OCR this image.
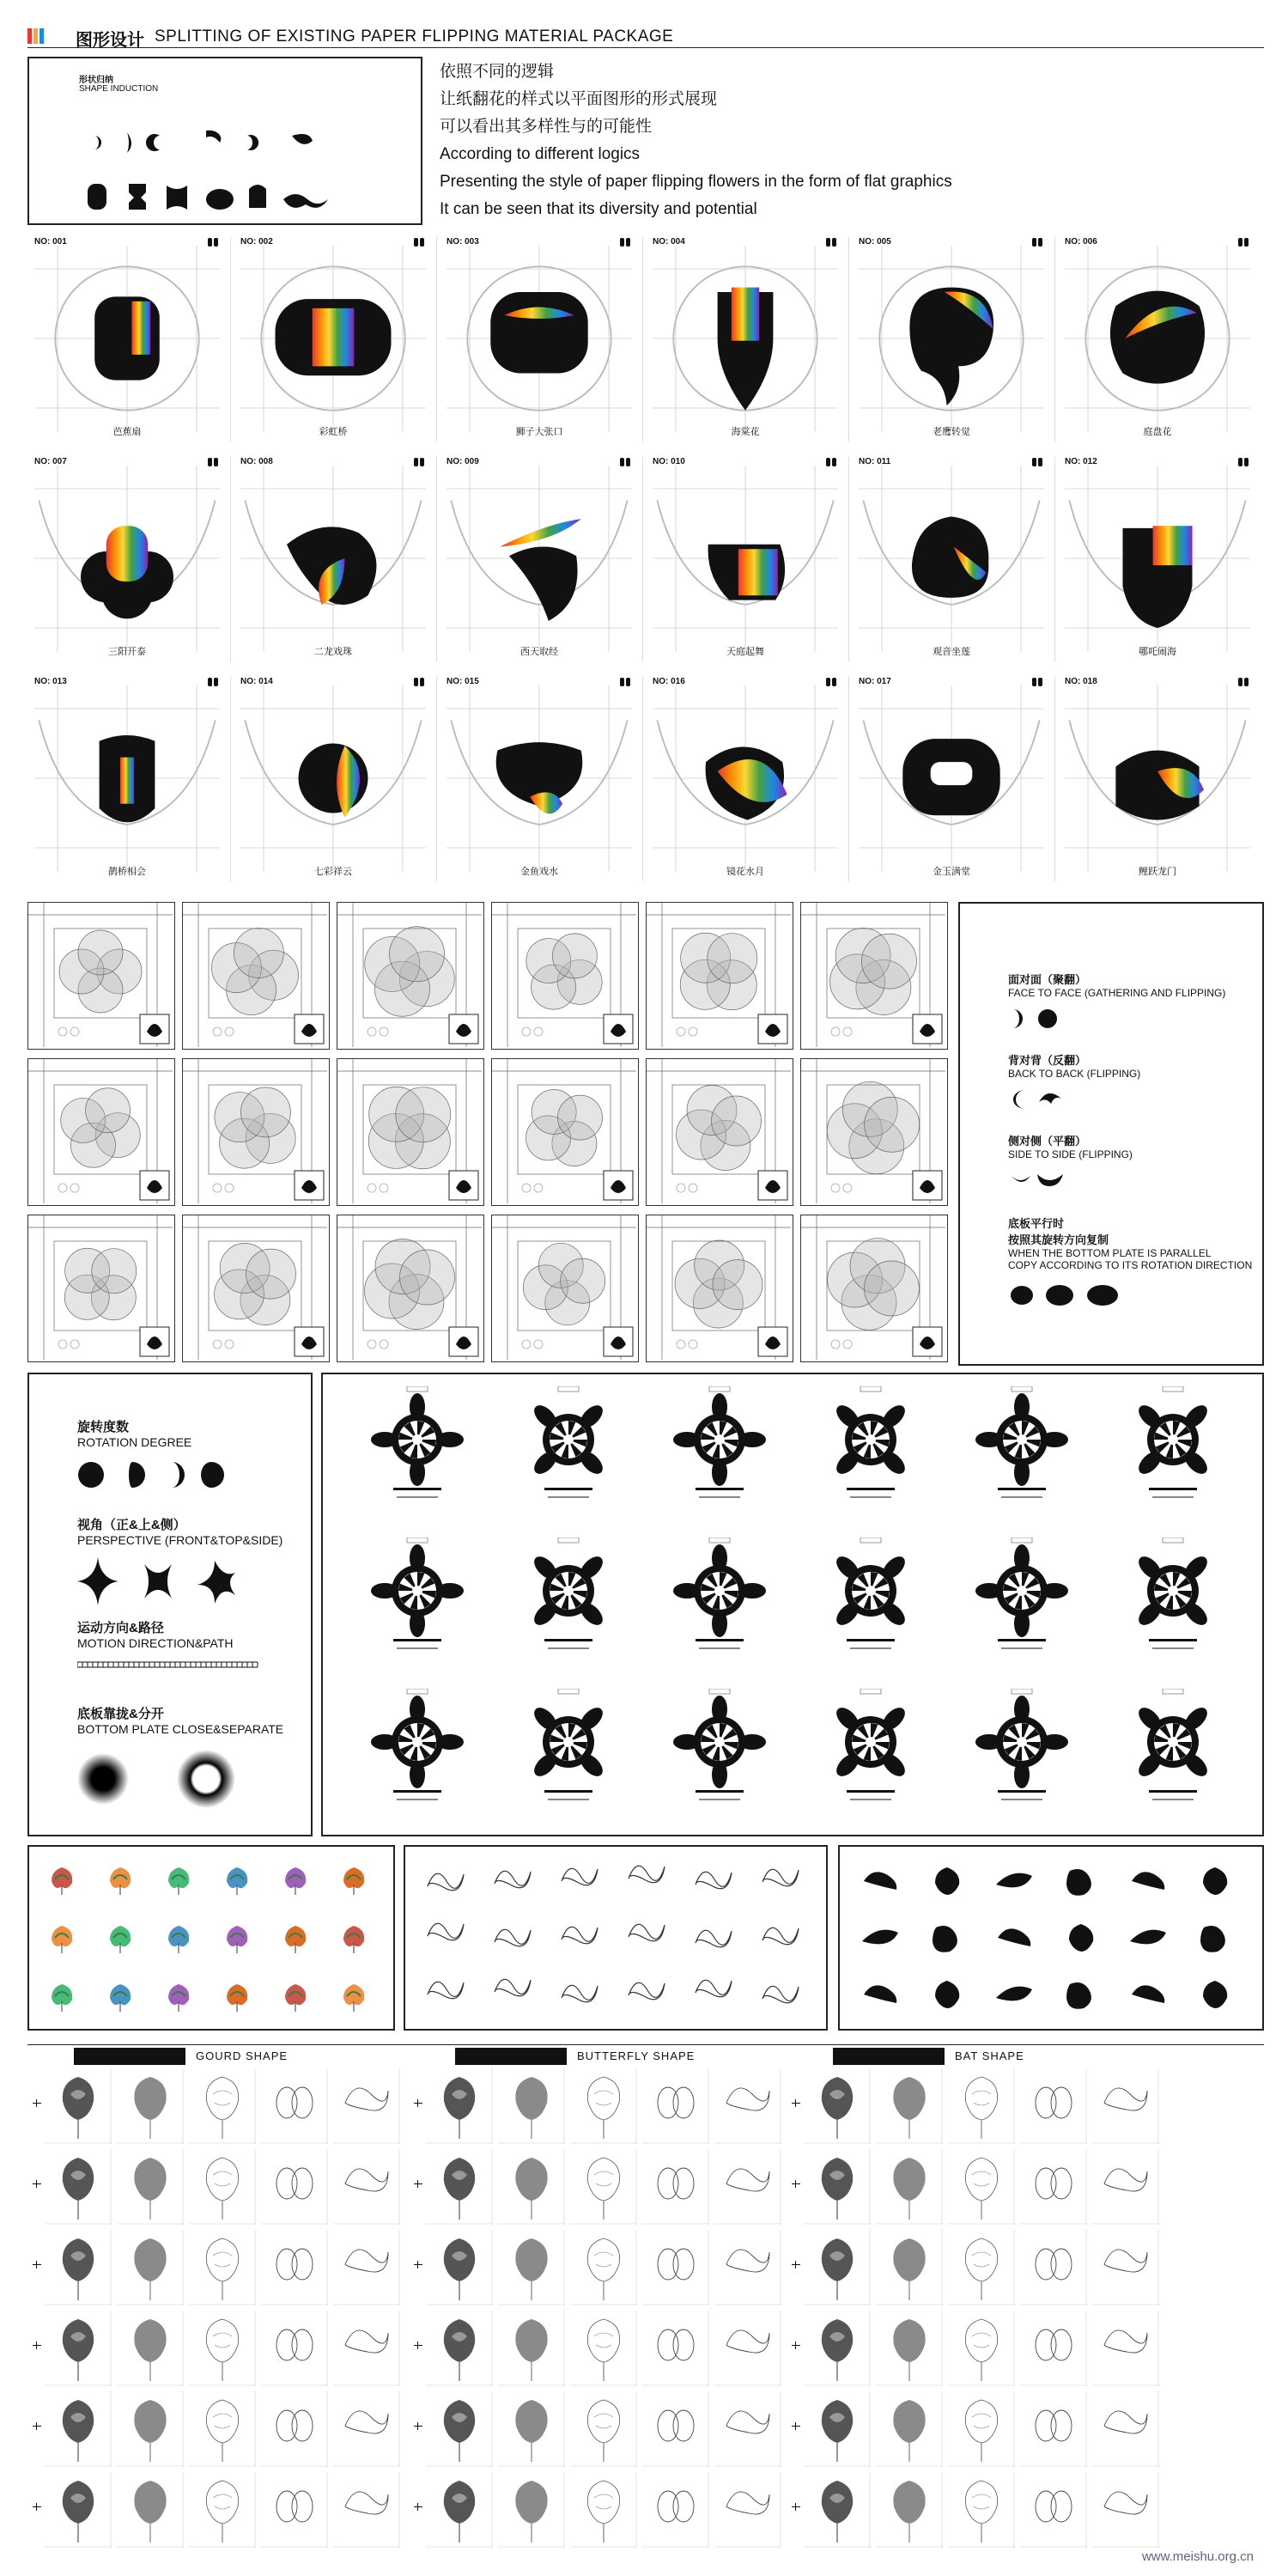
图形设计 SPLITTING OF EXISTING PAPER FLIPPING MATERIAL PACKAGE
形状归纳
SHAPE INDUCTION
依照不同的逻辑
让纸翻花的样式以平面图形的形式展现
可以看出其多样性与的可能性
According to different logics
Presenting the style of paper flipping flowers in the form of flat graphics
It can be seen that its diversity and potential
NO: 001
芭蕉扇
NO: 002
彩虹桥
NO: 003
狮子大张口
NO: 004
海棠花
NO: 005
老鹰转觉
NO: 006
庭盘花
NO: 007
三阳开泰
NO: 008
二龙戏珠
NO: 009
西天取经
NO: 010
天庭起舞
NO: 011
观音坐莲
NO: 012
哪吒闹海
NO: 013
鹊桥相会
NO: 014
七彩祥云
NO: 015
金鱼戏水
NO: 016
镜花水月
NO: 017
金玉满堂
NO: 018
鲤跃龙门
面对面（聚翻）
FACE TO FACE (GATHERING AND FLIPPING)
背对背（反翻）
BACK TO BACK (FLIPPING)
侧对侧（平翻）
SIDE TO SIDE (FLIPPING)
底板平行时
按照其旋转方向复制
WHEN THE BOTTOM PLATE IS PARALLEL
COPY ACCORDING TO ITS ROTATION DIRECTION
旋转度数
ROTATION DEGREE
视角（正&上&侧）
PERSPECTIVE (FRONT&TOP&SIDE)
运动方向&路径
MOTION DIRECTION&PATH
底板靠拢&分开
BOTTOM PLATE CLOSE&SEPARATE
GOURD SHAPE	BUTTERFLY SHAPE	BAT SHAPE
www.meishu.org.cn
